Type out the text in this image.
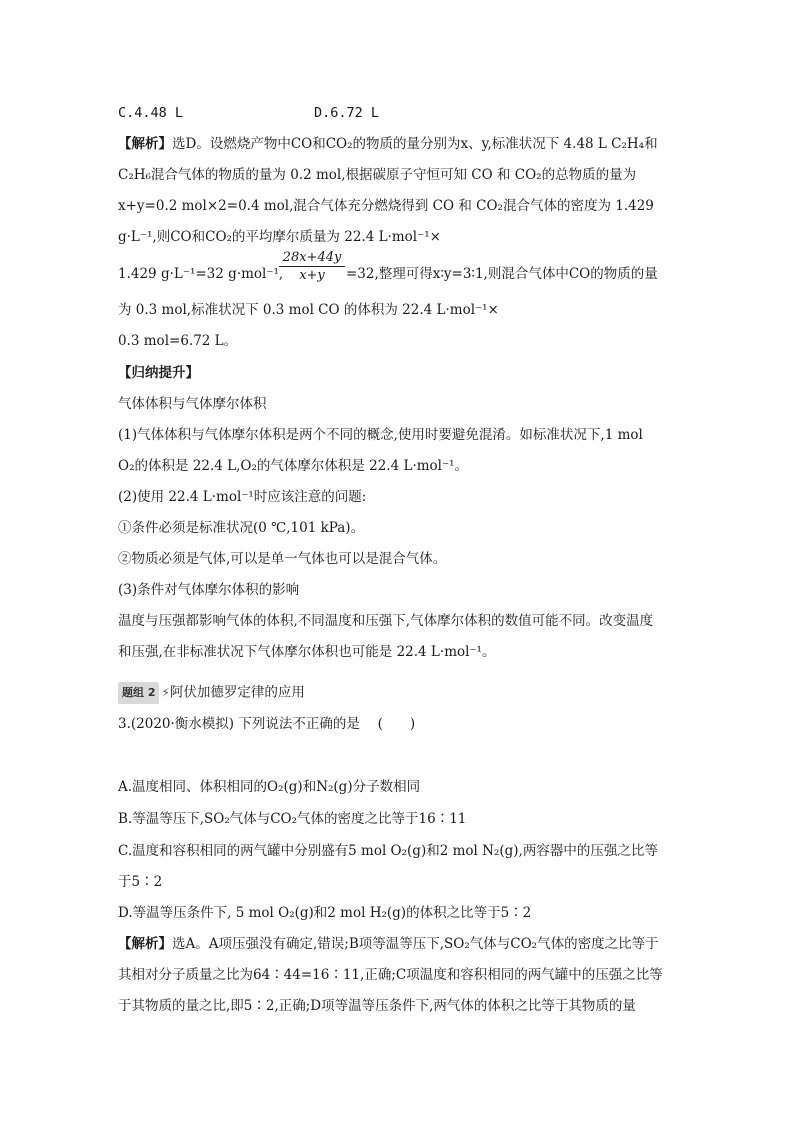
C.4.48 L	D.6.72 L
【解析】选D。设燃烧产物中CO和CO₂的物质的量分别为x、y,标准状况下 4.48 L C₂H₄和
C₂H₆混合气体的物质的量为 0.2 mol,根据碳原子守恒可知 CO 和 CO₂的总物质的量为
x+y=0.2 mol×2=0.4 mol,混合气体充分燃烧得到 CO 和 CO₂混合气体的密度为 1.429
g·L⁻¹,则CO和CO₂的平均摩尔质量为 22.4 L·mol⁻¹×
1.429 g·L⁻¹=32 g·mol⁻¹,
$\frac{28x+44y}{x+y} =32$,整理可得x∶y=3∶1,则混合气体中CO的物质的量
为 0.3 mol,标准状况下 0.3 mol CO 的体积为 22.4 L·mol⁻¹×
0.3 mol=6.72 L。
【归纳提升】
气体体积与气体摩尔体积
(1)气体体积与气体摩尔体积是两个不同的概念,使用时要避免混淆。如标准状况下,1 mol
O₂的体积是 22.4 L,O₂的气体摩尔体积是 22.4 L·mol⁻¹。
(2)使用 22.4 L·mol⁻¹时应该注意的问题:
①条件必须是标准状况(0 ℃,101 kPa)。
②物质必须是气体,可以是单一气体也可以是混合气体。
(3)条件对气体摩尔体积的影响
温度与压强都影响气体的体积,不同温度和压强下,气体摩尔体积的数值可能不同。改变温度
和压强,在非标准状况下气体摩尔体积也可能是 22.4 L·mol⁻¹。
题组 2 ⚡阿伏加德罗定律的应用
3.(2020·衡水模拟) 下列说法不正确的是　 (　　)
A.温度相同、体积相同的O₂(g)和N₂(g)分子数相同
B.等温等压下,SO₂气体与CO₂气体的密度之比等于16∶11
C.温度和容积相同的两气罐中分别盛有5 mol O₂(g)和2 mol N₂(g),两容器中的压强之比等
于5∶2
D.等温等压条件下, 5 mol O₂(g)和2 mol H₂(g)的体积之比等于5∶2
【解析】选A。A项压强没有确定,错误;B项等温等压下,SO₂气体与CO₂气体的密度之比等于
其相对分子质量之比为64∶44=16∶11,正确;C项温度和容积相同的两气罐中的压强之比等
于其物质的量之比,即5∶2,正确;D项等温等压条件下,两气体的体积之比等于其物质的量
